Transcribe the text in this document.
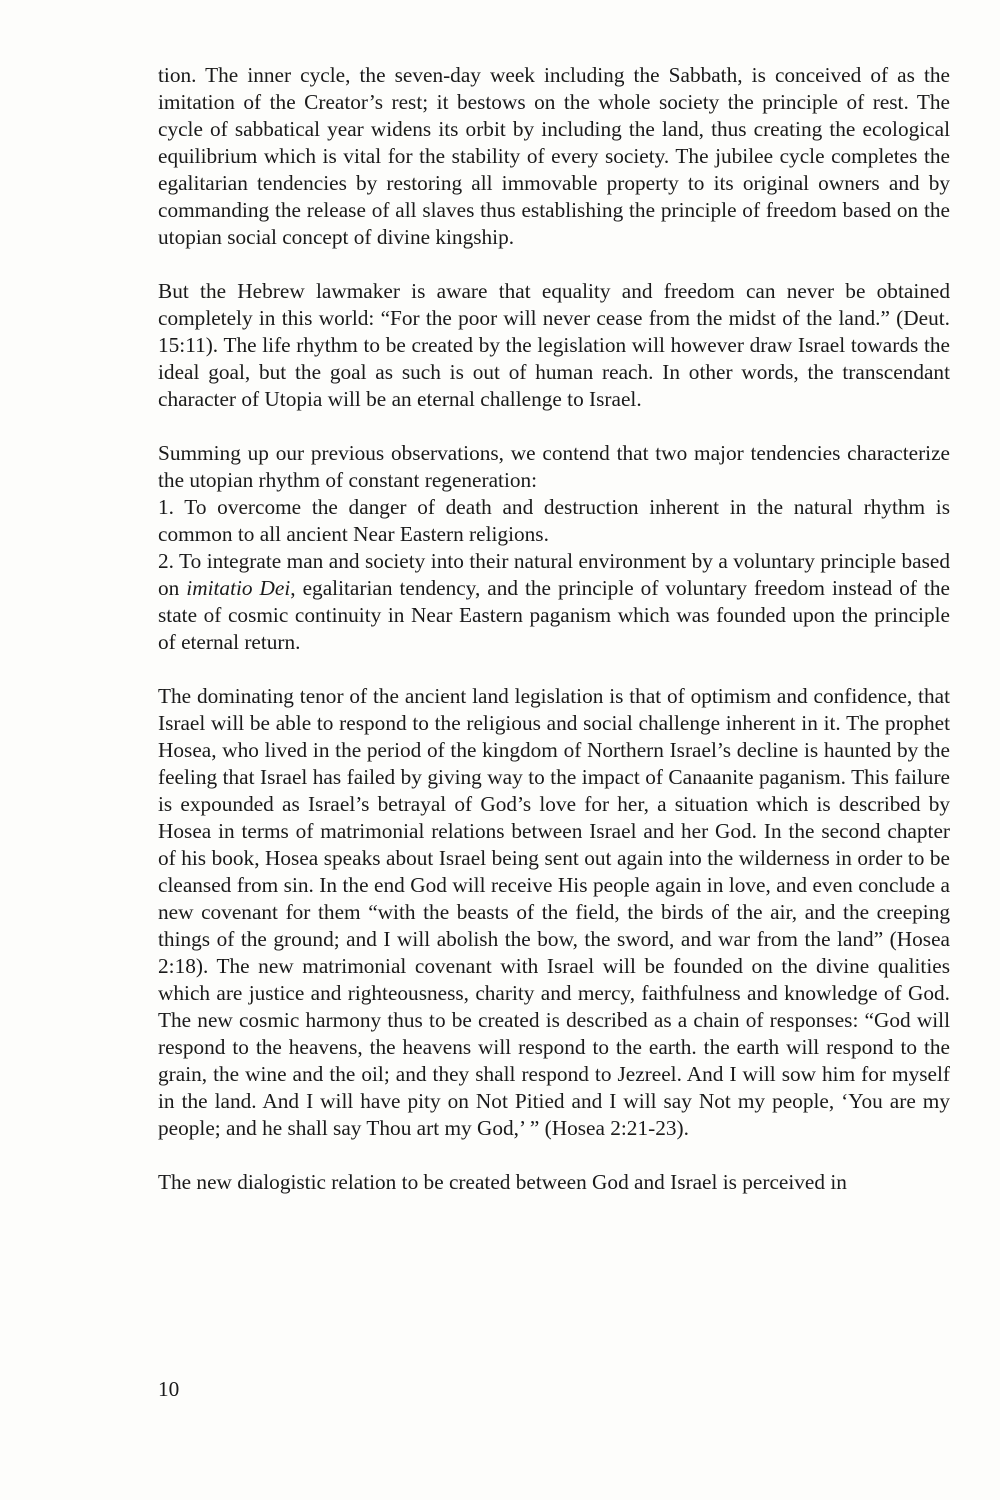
tion. The inner cycle, the seven-day week including the Sabbath, is conceived of as the imitation of the Creator’s rest; it bestows on the whole society the principle of rest. The cycle of sabbatical year widens its orbit by including the land, thus creating the ecological equilibrium which is vital for the stability of every society. The jubilee cycle completes the egalitarian tendencies by restoring all immovable property to its original owners and by commanding the release of all slaves thus establishing the principle of freedom based on the utopian social concept of divine kingship.

But the Hebrew lawmaker is aware that equality and freedom can never be obtained completely in this world: “For the poor will never cease from the midst of the land.” (Deut. 15:11). The life rhythm to be created by the legislation will however draw Israel towards the ideal goal, but the goal as such is out of human reach. In other words, the transcendant character of Utopia will be an eternal challenge to Israel.

Summing up our previous observations, we contend that two major tendencies characterize the utopian rhythm of constant regeneration:

1. To overcome the danger of death and destruction inherent in the natural rhythm is common to all ancient Near Eastern religions.

2. To integrate man and society into their natural environment by a voluntary principle based on imitatio Dei, egalitarian tendency, and the principle of voluntary freedom instead of the state of cosmic continuity in Near Eastern paganism which was founded upon the principle of eternal return.

The dominating tenor of the ancient land legislation is that of optimism and confidence, that Israel will be able to respond to the religious and social challenge inherent in it. The prophet Hosea, who lived in the period of the kingdom of Northern Israel’s decline is haunted by the feeling that Israel has failed by giving way to the impact of Canaanite paganism. This failure is expounded as Israel’s betrayal of God’s love for her, a situation which is described by Hosea in terms of matrimonial relations between Israel and her God. In the second chapter of his book, Hosea speaks about Israel being sent out again into the wilderness in order to be cleansed from sin. In the end God will receive His people again in love, and even conclude a new covenant for them “with the beasts of the field, the birds of the air, and the creeping things of the ground; and I will abolish the bow, the sword, and war from the land” (Hosea 2:18). The new matrimonial covenant with Israel will be founded on the divine qualities which are justice and righteousness, charity and mercy, faithfulness and knowledge of God. The new cosmic harmony thus to be created is described as a chain of responses: “God will respond to the heavens, the heavens will respond to the earth. the earth will respond to the grain, the wine and the oil; and they shall respond to Jezreel. And I will sow him for myself in the land. And I will have pity on Not Pitied and I will say Not my people, ‘You are my people; and he shall say Thou art my God,’ ” (Hosea 2:21-23).

The new dialogistic relation to be created between God and Israel is perceived in

10
